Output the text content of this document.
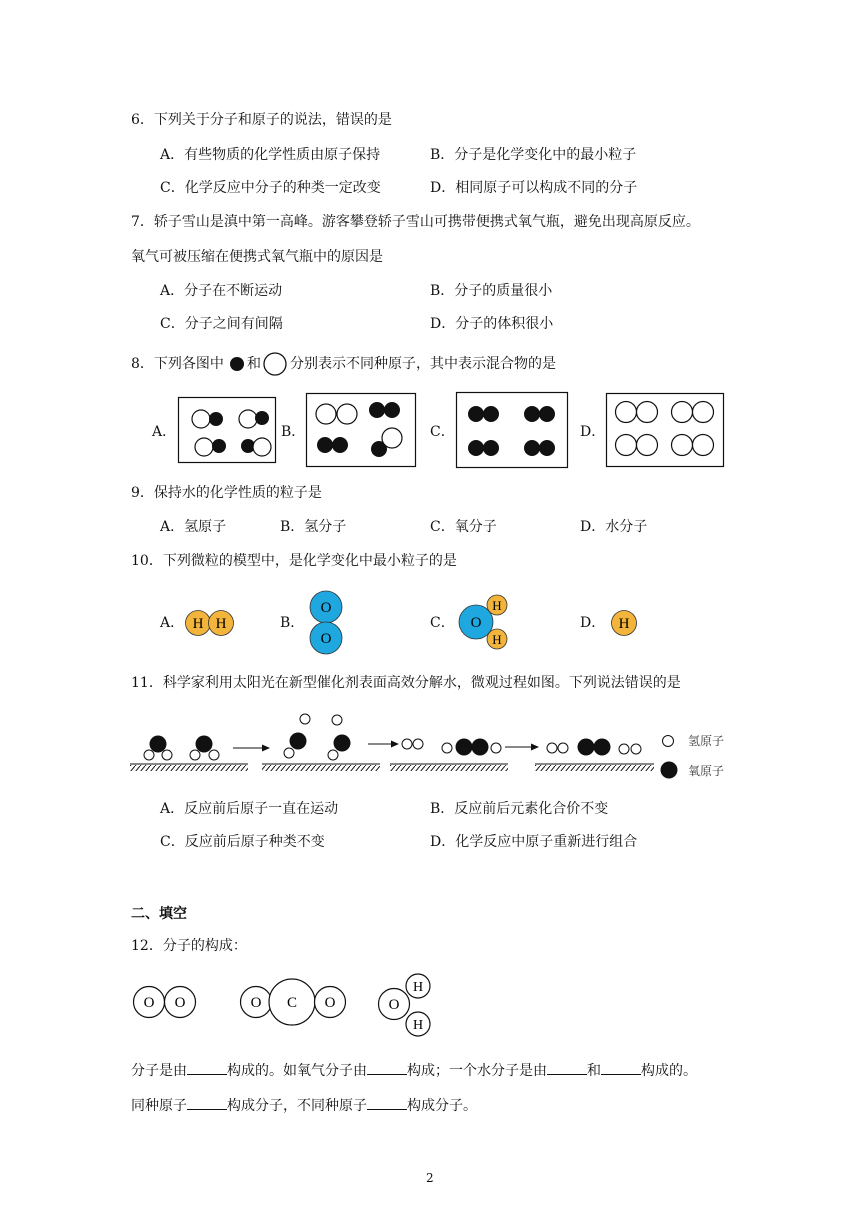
6．下列关于分子和原子的说法，错误的是
A．有些物质的化学性质由原子保持	B．分子是化学变化中的最小粒子
C．化学反应中分子的种类一定改变	D．相同原子可以构成不同的分子
7．轿子雪山是滇中第一高峰。游客攀登轿子雪山可携带便携式氧气瓶，避免出现高原反应。
氧气可被压缩在便携式氧气瓶中的原因是
A．分子在不断运动	B．分子的质量很小
C．分子之间有间隔	D．分子的体积很小
8．下列各图中 和 分别表示不同种原子，其中表示混合物的是
A．	B．	C．	D．
9．保持水的化学性质的粒子是
A．氢原子	B．氢分子	C．氧分子	D．水分子
10．下列微粒的模型中，是化学变化中最小粒子的是
A． H H	B．
O
O
C． O
H
H
D． H
11．科学家利用太阳光在新型催化剂表面高效分解水，微观过程如图。下列说法错误的是
氢原子
氧原子
A．反应前后原子一直在运动	B．反应前后元素化合价不变
C．反应前后原子种类不变	D．化学反应中原子重新进行组合
二、填空
12．分子的构成：
O O	O C O	O
H
H
分子是由	构成的。如氧气分子由	构成；一个水分子是由	和	构成的。
同种原子	构成分子，不同种原子	构成分子。
2
